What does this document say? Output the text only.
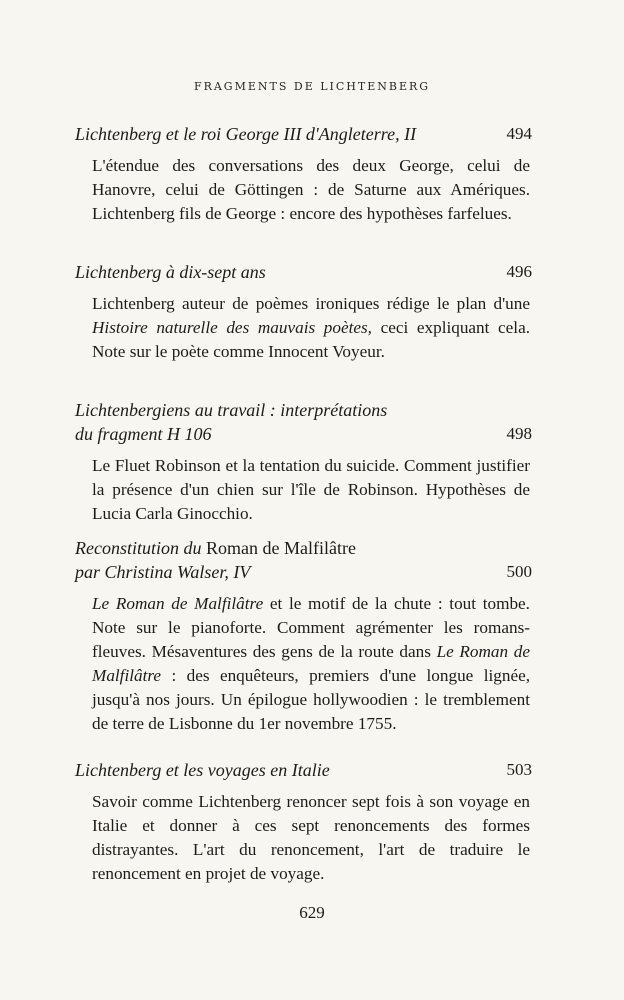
FRAGMENTS DE LICHTENBERG
Lichtenberg et le roi George III d'Angleterre, II	494
L'étendue des conversations des deux George, celui de Hanovre, celui de Göttingen : de Saturne aux Amériques. Lichtenberg fils de George : encore des hypothèses farfelues.
Lichtenberg à dix-sept ans	496
Lichtenberg auteur de poèmes ironiques rédige le plan d'une Histoire naturelle des mauvais poètes, ceci expliquant cela. Note sur le poète comme Innocent Voyeur.
Lichtenbergiens au travail : interprétations
du fragment H 106	498
Le Fluet Robinson et la tentation du suicide. Comment justifier la présence d'un chien sur l'île de Robinson. Hypothèses de Lucia Carla Ginocchio.
Reconstitution du Roman de Malfilâtre
par Christina Walser, IV	500
Le Roman de Malfilâtre et le motif de la chute : tout tombe. Note sur le pianoforte. Comment agrémenter les romans-fleuves. Mésaventures des gens de la route dans Le Roman de Malfilâtre : des enquêteurs, premiers d'une longue lignée, jusqu'à nos jours. Un épilogue hollywoodien : le tremblement de terre de Lisbonne du 1er novembre 1755.
Lichtenberg et les voyages en Italie	503
Savoir comme Lichtenberg renoncer sept fois à son voyage en Italie et donner à ces sept renoncements des formes distrayantes. L'art du renoncement, l'art de traduire le renoncement en projet de voyage.
629
